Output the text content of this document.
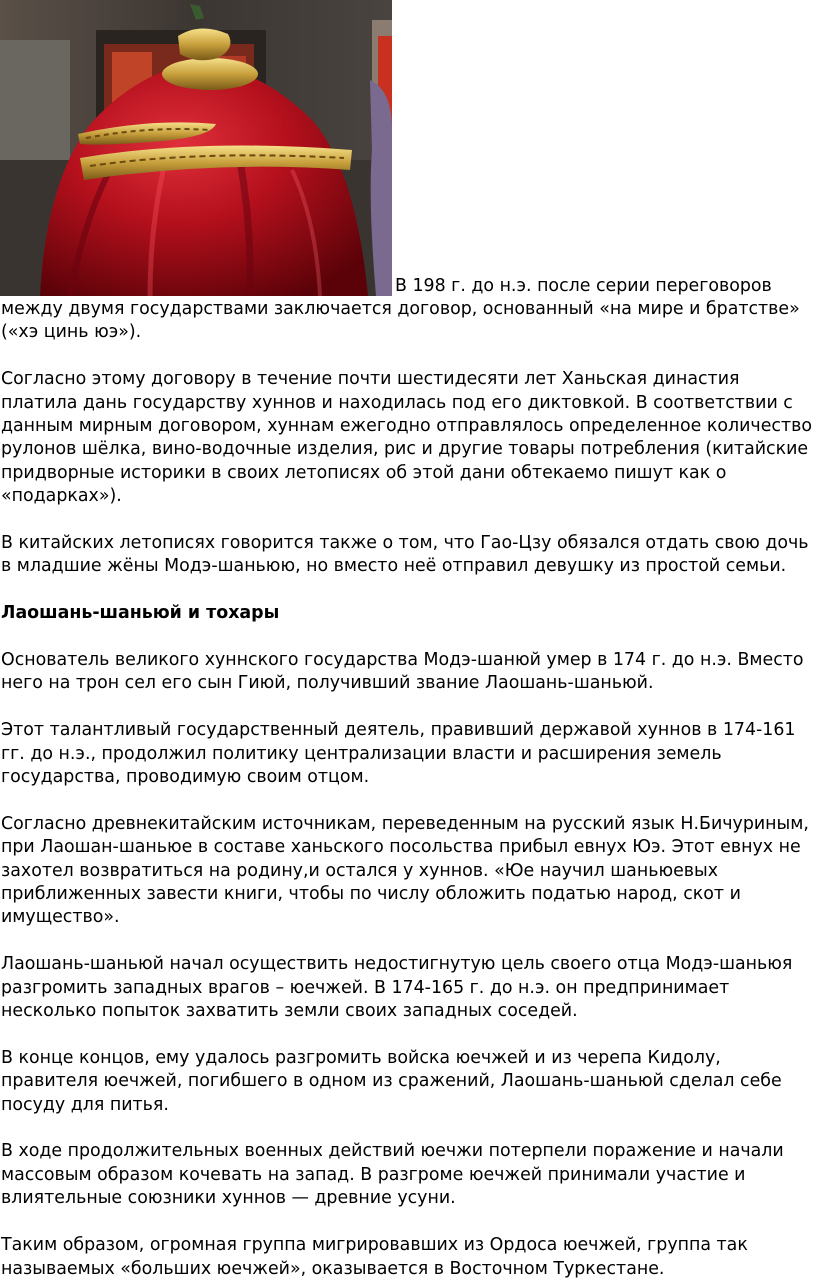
В 198 г. до н.э. после серии переговоров

между двумя государствами заключается договор, основанный «на мире и братстве» («хэ цинь юэ»).

Согласно этому договору в течение почти шестидесяти лет Ханьская династия платила дань государству хуннов и находилась под его диктовкой. В соответствии с данным мирным договором, хуннам ежегодно отправлялось определенное количество рулонов шёлка, вино-водочные изделия, рис и другие товары потребления (китайские придворные историки в своих летописях об этой дани обтекаемо пишут как о «подарках»).

В китайских летописях говорится также о том, что Гао-Цзу обязался отдать свою дочь в младшие жёны Модэ-шаньюю, но вместо неё отправил девушку из простой семьи.

Лаошань-шаньюй и тохары

Основатель великого хуннского государства Модэ-шанюй умер в 174 г. до н.э. Вместо него на трон сел его сын Гиюй, получивший звание Лаошань-шаньюй.

Этот талантливый государственный деятель, правивший державой хуннов в 174-161 гг. до н.э., продолжил политику централизации власти и расширения земель государства, проводимую своим отцом.

Согласно древнекитайским источникам, переведенным на русский язык Н.Бичуриным, при Лаошан-шаньюе в составе ханьского посольства прибыл евнух Юэ. Этот евнух не захотел возвратиться на родину,и остался у хуннов. «Юе научил шаньюевых приближенных завести книги, чтобы по числу обложить податью народ, скот и имущество».

Лаошань-шаньюй начал осуществить недостигнутую цель своего отца Модэ-шаньюя разгромить западных врагов – юечжей. В 174-165 г. до н.э. он предпринимает несколько попыток захватить земли своих западных соседей.

В конце концов, ему удалось разгромить войска юечжей и из черепа Кидолу, правителя юечжей, погибшего в одном из сражений, Лаошань-шаньюй сделал себе посуду для питья.

В ходе продолжительных военных действий юечжи потерпели поражение и начали массовым образом кочевать на запад. В разгроме юечжей принимали участие и влиятельные союзники хуннов — древние усуни.

Таким образом, огромная группа мигрировавших из Ордоса юечжей, группа так называемых «больших юечжей», оказывается в Восточном Туркестане.
